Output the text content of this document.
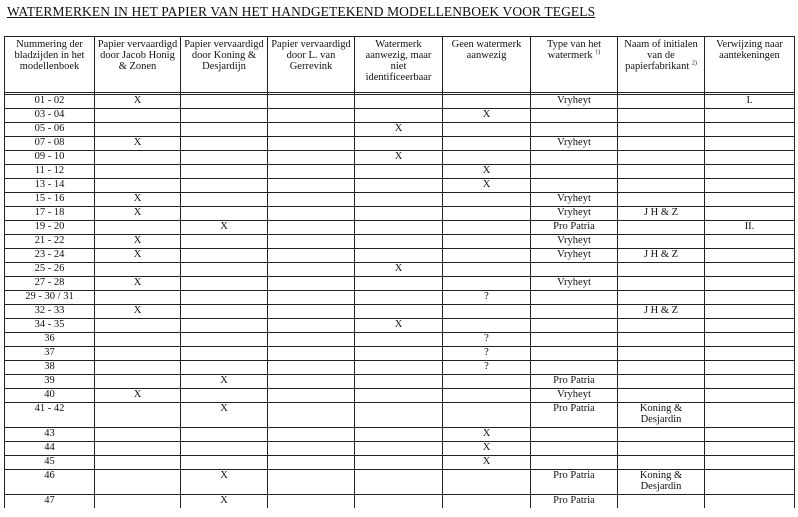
WATERMERKEN IN HET PAPIER VAN HET HANDGETEKEND MODELLENBOEK VOOR TEGELS
Nummering der bladzijden in het modellenboek	Papier vervaardigd door Jacob Honig & Zonen	Papier vervaardigd door Koning & Desjardijn	Papier vervaardigd door L. van Gerrevink	Watermerk aanwezig, maar niet identificeerbaar	Geen watermerk aanwezig	Type van het watermerk $^{1)}$	Naam of initialen van de papierfabrikant $^{2)}$	Verwijzing naar aantekeningen

01 - 02	X					Vryheyt		I.
03 - 04					X			
05 - 06				X				
07 - 08	X					Vryheyt		
09 - 10				X				
11 - 12					X			
13 - 14					X			
15 - 16	X					Vryheyt		
17 - 18	X					Vryheyt	J H & Z	
19 - 20		X				Pro Patria		II.
21 - 22	X					Vryheyt		
23 - 24	X					Vryheyt	J H & Z	
25 - 26				X				
27 - 28	X					Vryheyt		
29 - 30 / 31					?			
32 - 33	X						J H & Z	
34 - 35				X				
36					?			
37					?			
38					?			
39		X				Pro Patria		
40	X					Vryheyt		
41 - 42		X				Pro Patria	Koning & Desjardin	
43					X			
44					X			
45					X			
46		X				Pro Patria	Koning & Desjardin	
47		X				Pro Patria		
